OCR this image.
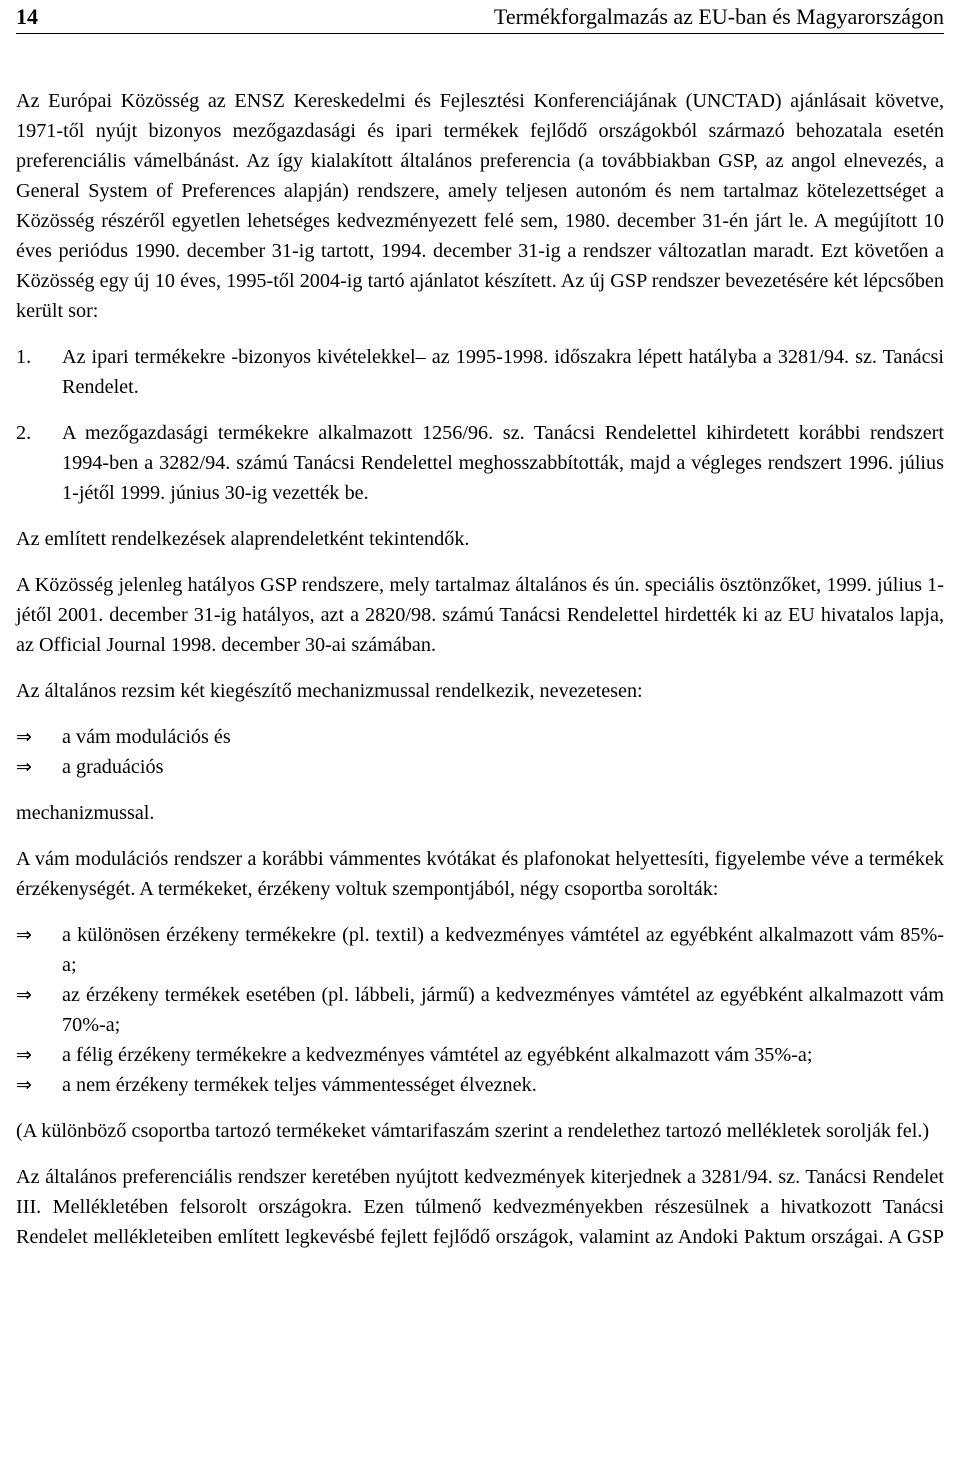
14	Termékforgalmazás az EU-ban és Magyarországon

Az Európai Közösség az ENSZ Kereskedelmi és Fejlesztési Konferenciájának (UNCTAD) ajánlásait követve, 1971-től nyújt bizonyos mezőgazdasági és ipari termékek fejlődő országokból származó behozatala esetén preferenciális vámelbánást. Az így kialakított általános preferencia (a továbbiakban GSP, az angol elnevezés, a General System of Preferences alapján) rendszere, amely teljesen autonóm és nem tartalmaz kötelezettséget a Közösség részéről egyetlen lehetséges kedvezményezett felé sem, 1980. december 31-én járt le. A megújított 10 éves periódus 1990. december 31-ig tartott, 1994. december 31-ig a rendszer változatlan maradt. Ezt követően a Közösség egy új 10 éves, 1995-től 2004-ig tartó ajánlatot készített. Az új GSP rendszer bevezetésére két lépcsőben került sor:

1.	Az ipari termékekre -bizonyos kivételekkel– az 1995-1998. időszakra lépett hatályba a 3281/94. sz. Tanácsi Rendelet.
2.	A mezőgazdasági termékekre alkalmazott 1256/96. sz. Tanácsi Rendelettel kihirdetett korábbi rendszert 1994-ben a 3282/94. számú Tanácsi Rendelettel meghosszabbították, majd a végleges rendszert 1996. július 1-jétől 1999. június 30-ig vezették be.

Az említett rendelkezések alaprendeletként tekintendők.

A Közösség jelenleg hatályos GSP rendszere, mely tartalmaz általános és ún. speciális ösztönzőket, 1999. július 1-jétől 2001. december 31-ig hatályos, azt a 2820/98. számú Tanácsi Rendelettel hirdették ki az EU hivatalos lapja, az Official Journal 1998. december 30-ai számában.

Az általános rezsim két kiegészítő mechanizmussal rendelkezik, nevezetesen:

⇒	a vám modulációs és
⇒	a graduációs

mechanizmussal.

A vám modulációs rendszer a korábbi vámmentes kvótákat és plafonokat helyettesíti, figyelembe véve a termékek érzékenységét. A termékeket, érzékeny voltuk szempontjából, négy csoportba sorolták:

⇒	a különösen érzékeny termékekre (pl. textil) a kedvezményes vámtétel az egyébként alkalmazott vám 85%-a;
⇒	az érzékeny termékek esetében (pl. lábbeli, jármű) a kedvezményes vámtétel az egyébként alkalmazott vám 70%-a;
⇒	a félig érzékeny termékekre a kedvezményes vámtétel az egyébként alkalmazott vám 35%-a;
⇒	a nem érzékeny termékek teljes vámmentességet élveznek.

(A különböző csoportba tartozó termékeket vámtarifaszám szerint a rendelethez tartozó mellékletek sorolják fel.)

Az általános preferenciális rendszer keretében nyújtott kedvezmények kiterjednek a 3281/94. sz. Tanácsi Rendelet III. Mellékletében felsorolt országokra. Ezen túlmenő kedvezményekben részesülnek a hivatkozott Tanácsi Rendelet mellékleteiben említett legkevésbé fejlett fejlődő országok, valamint az Andoki Paktum országai. A GSP
